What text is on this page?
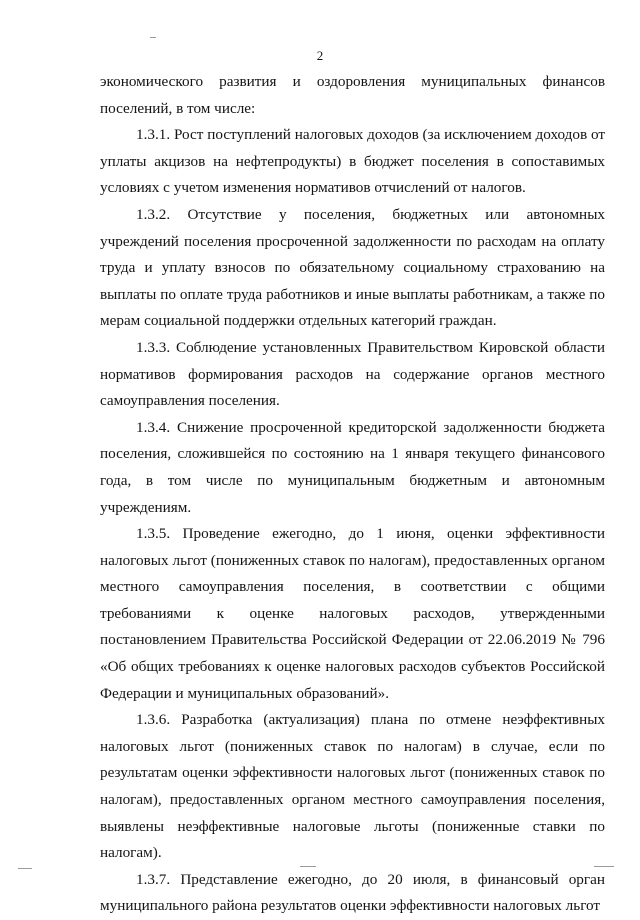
2

экономического развития и оздоровления муниципальных финансов поселений, в том числе:

1.3.1. Рост поступлений налоговых доходов (за исключением доходов от уплаты акцизов на нефтепродукты) в бюджет поселения в сопоставимых условиях с учетом изменения нормативов отчислений от налогов.

1.3.2. Отсутствие у поселения, бюджетных или автономных учреждений поселения просроченной задолженности по расходам на оплату труда и уплату взносов по обязательному социальному страхованию на выплаты по оплате труда работников и иные выплаты работникам, а также по мерам социальной поддержки отдельных категорий граждан.

1.3.3. Соблюдение установленных Правительством Кировской области нормативов формирования расходов на содержание органов местного самоуправления поселения.

1.3.4. Снижение просроченной кредиторской задолженности бюджета поселения, сложившейся по состоянию на 1 января текущего финансового года, в том числе по муниципальным бюджетным и автономным учреждениям.

1.3.5. Проведение ежегодно, до 1 июня, оценки эффективности налоговых льгот (пониженных ставок по налогам), предоставленных органом местного самоуправления поселения, в соответствии с общими требованиями к оценке налоговых расходов, утвержденными постановлением Правительства Российской Федерации от 22.06.2019 № 796 «Об общих требованиях к оценке налоговых расходов субъектов Российской Федерации и муниципальных образований».

1.3.6. Разработка (актуализация) плана по отмене неэффективных налоговых льгот (пониженных ставок по налогам) в случае, если по результатам оценки эффективности налоговых льгот (пониженных ставок по налогам), предоставленных органом местного самоуправления поселения, выявлены неэффективные налоговые льготы (пониженные ставки по налогам).

1.3.7. Представление ежегодно, до 20 июля, в финансовый орган муниципального района результатов оценки эффективности налоговых льгот
